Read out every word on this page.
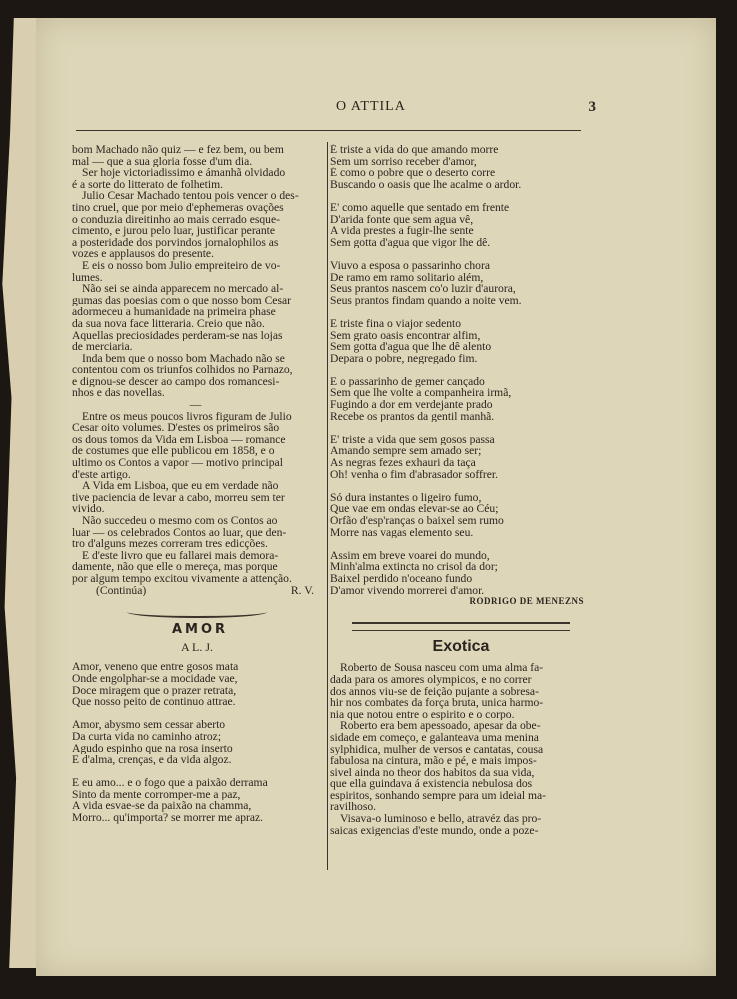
O ATTILA	3

bom Machado não quiz — e fez bem, ou bem

mal — que a sua gloria fosse d'um dia.

Ser hoje victoriadissimo e ámanhã olvidado

é a sorte do litterato de folhetim.

Julio Cesar Machado tentou pois vencer o des-

tino cruel, que por meio d'ephemeras ovações

o conduzia direitinho ao mais cerrado esque-

cimento, e jurou pelo luar, justificar perante

a posteridade dos porvindos jornalophilos as

vozes e applausos do presente.

E eis o nosso bom Julio empreiteiro de vo-

lumes.

Não sei se ainda apparecem no mercado al-

gumas das poesias com o que nosso bom Cesar

adormeceu a humanidade na primeira phase

da sua nova face litteraria. Creio que não.

Aquellas preciosidades perderam-se nas lojas

de merciaria.

Inda bem que o nosso bom Machado não se

contentou com os triunfos colhidos no Parnazo,

e dignou-se descer ao campo dos romancesi-

nhos e das novellas.

—

Entre os meus poucos livros figuram de Julio

Cesar oito volumes. D'estes os primeiros são

os dous tomos da Vida em Lisboa — romance

de costumes que elle publicou em 1858, e o

ultimo os Contos a vapor — motivo principal

d'este artigo.

A Vida em Lisboa, que eu em verdade não

tive paciencia de levar a cabo, morreu sem ter

vivido.

Não succedeu o mesmo com os Contos ao

luar — os celebrados Contos ao luar, que den-

tro d'alguns mezes correram tres edicções.

E d'este livro que eu fallarei mais demora-

damente, não que elle o mereça, mas porque

por algum tempo excitou vivamente a attenção.

(Continúa)	R. V.

AMOR
A L. J.

Amor, veneno que entre gosos mata

Onde engolphar-se a mocidade vae,

Doce miragem que o prazer retrata,

Que nosso peito de continuo attrae.

Amor, abysmo sem cessar aberto

Da curta vida no caminho atroz;

Agudo espinho que na rosa inserto

E d'alma, crenças, e da vida algoz.

E eu amo... e o fogo que a paixão derrama

Sinto da mente corromper-me a paz,

A vida esvae-se da paixão na chamma,

Morro... qu'importa? se morrer me apraz.

É triste a vida do que amando morre

Sem um sorriso receber d'amor,

É como o pobre que o deserto corre

Buscando o oasis que lhe acalme o ardor.

E' como aquelle que sentado em frente

D'arida fonte que sem agua vê,

A vida prestes a fugir-lhe sente

Sem gotta d'agua que vigor lhe dê.

Viuvo a esposa o passarinho chora

De ramo em ramo solitario além,

Seus prantos nascem co'o luzir d'aurora,

Seus prantos findam quando a noite vem.

E triste fina o viajor sedento

Sem grato oasis encontrar alfim,

Sem gotta d'agua que lhe dê alento

Depara o pobre, negregado fim.

E o passarinho de gemer cançado

Sem que lhe volte a companheira irmã,

Fugindo a dor em verdejante prado

Recebe os prantos da gentil manhã.

E' triste a vida que sem gosos passa

Amando sempre sem amado ser;

As negras fezes exhauri da taça

Oh! venha o fim d'abrasador soffrer.

Só dura instantes o ligeiro fumo,

Que vae em ondas elevar-se ao Céu;

Orfão d'esp'ranças o baixel sem rumo

Morre nas vagas elemento seu.

Assim em breve voarei do mundo,

Minh'alma extincta no crisol da dor;

Baixel perdido n'oceano fundo

D'amor vivendo morrerei d'amor.

RODRIGO DE MENEZNS

Exotica

Roberto de Sousa nasceu com uma alma fa-

dada para os amores olympicos, e no correr

dos annos viu-se de feição pujante a sobresa-

hir nos combates da força bruta, unica harmo-

nia que notou entre o espirito e o corpo.

Roberto era bem apessoado, apesar da obe-

sidade em começo, e galanteava uma menina

sylphidica, mulher de versos e cantatas, cousa

fabulosa na cintura, mão e pé, e mais impos-

sivel ainda no theor dos habitos da sua vida,

que ella guindava á existencia nebulosa dos

espiritos, sonhando sempre para um ideial ma-

ravilhoso.

Visava-o luminoso e bello, atravéz das pro-

saicas exigencias d'este mundo, onde a poze-
